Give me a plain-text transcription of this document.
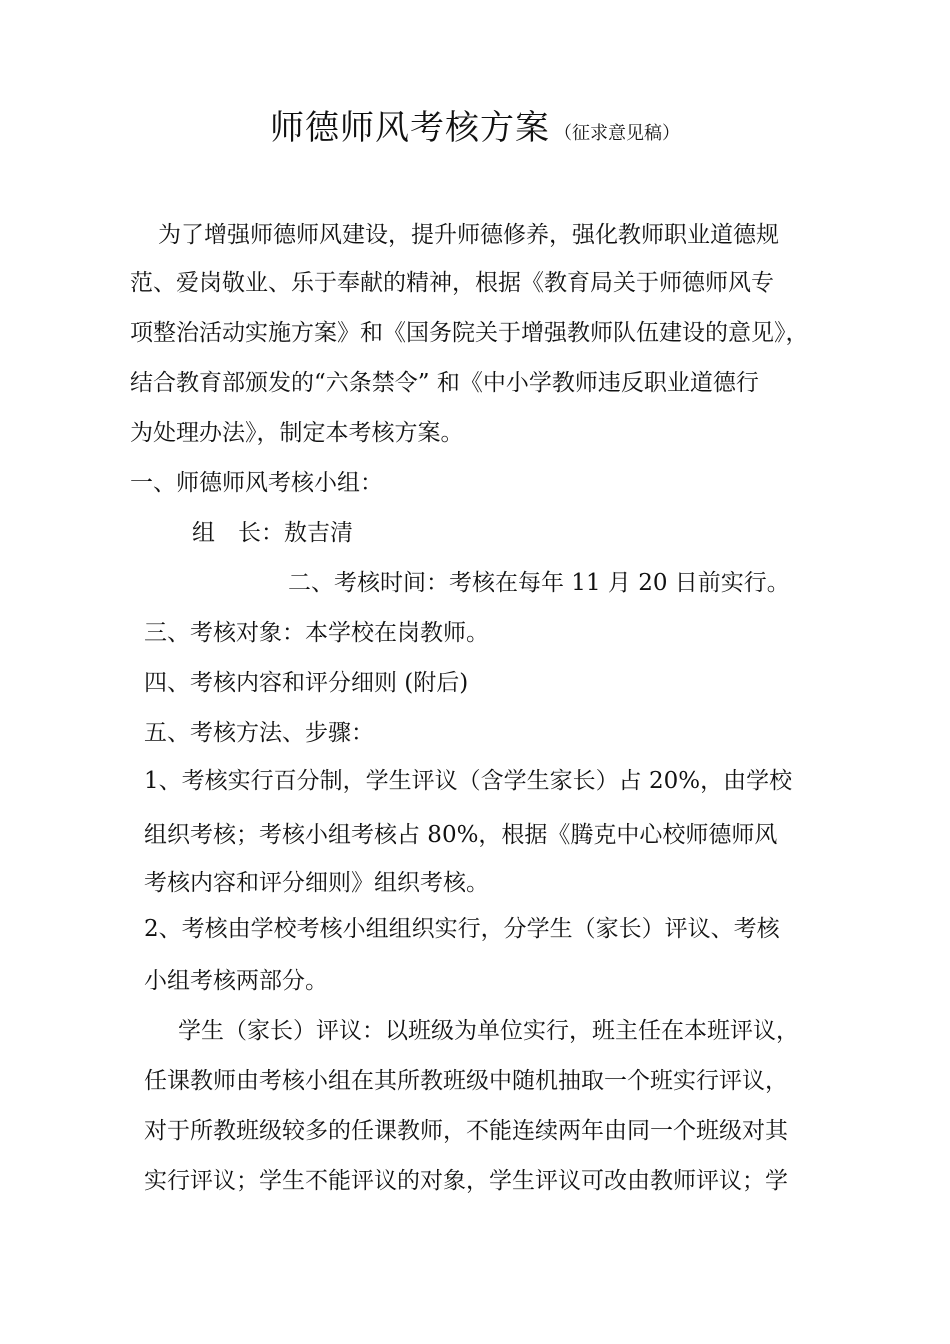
师德师风考核方案 （征求意见稿）
为了增强师德师风建设，提升师德修养，强化教师职业道德规
范、爱岗敬业、乐于奉献的精神，根据《教育局关于师德师风专
项整治活动实施方案》和《国务院关于增强教师队伍建设的意见》，
结合教育部颁发的“六条禁令” 和《中小学教师违反职业道德行
为处理办法》，制定本考核方案。
一、师德师风考核小组：
组　长：敖吉清
二、考核时间：考核在每年 11 月 20 日前实行。
三、考核对象：本学校在岗教师。
四、考核内容和评分细则 (附后)
五、考核方法、步骤：
1、考核实行百分制，学生评议（含学生家长）占 20%，由学校
组织考核；考核小组考核占 80%，根据《腾克中心校师德师风
考核内容和评分细则》组织考核。
2、考核由学校考核小组组织实行，分学生（家长）评议、考核
小组考核两部分。
学生（家长）评议：以班级为单位实行，班主任在本班评议，
任课教师由考核小组在其所教班级中随机抽取一个班实行评议，
对于所教班级较多的任课教师，不能连续两年由同一个班级对其
实行评议；学生不能评议的对象，学生评议可改由教师评议；学
